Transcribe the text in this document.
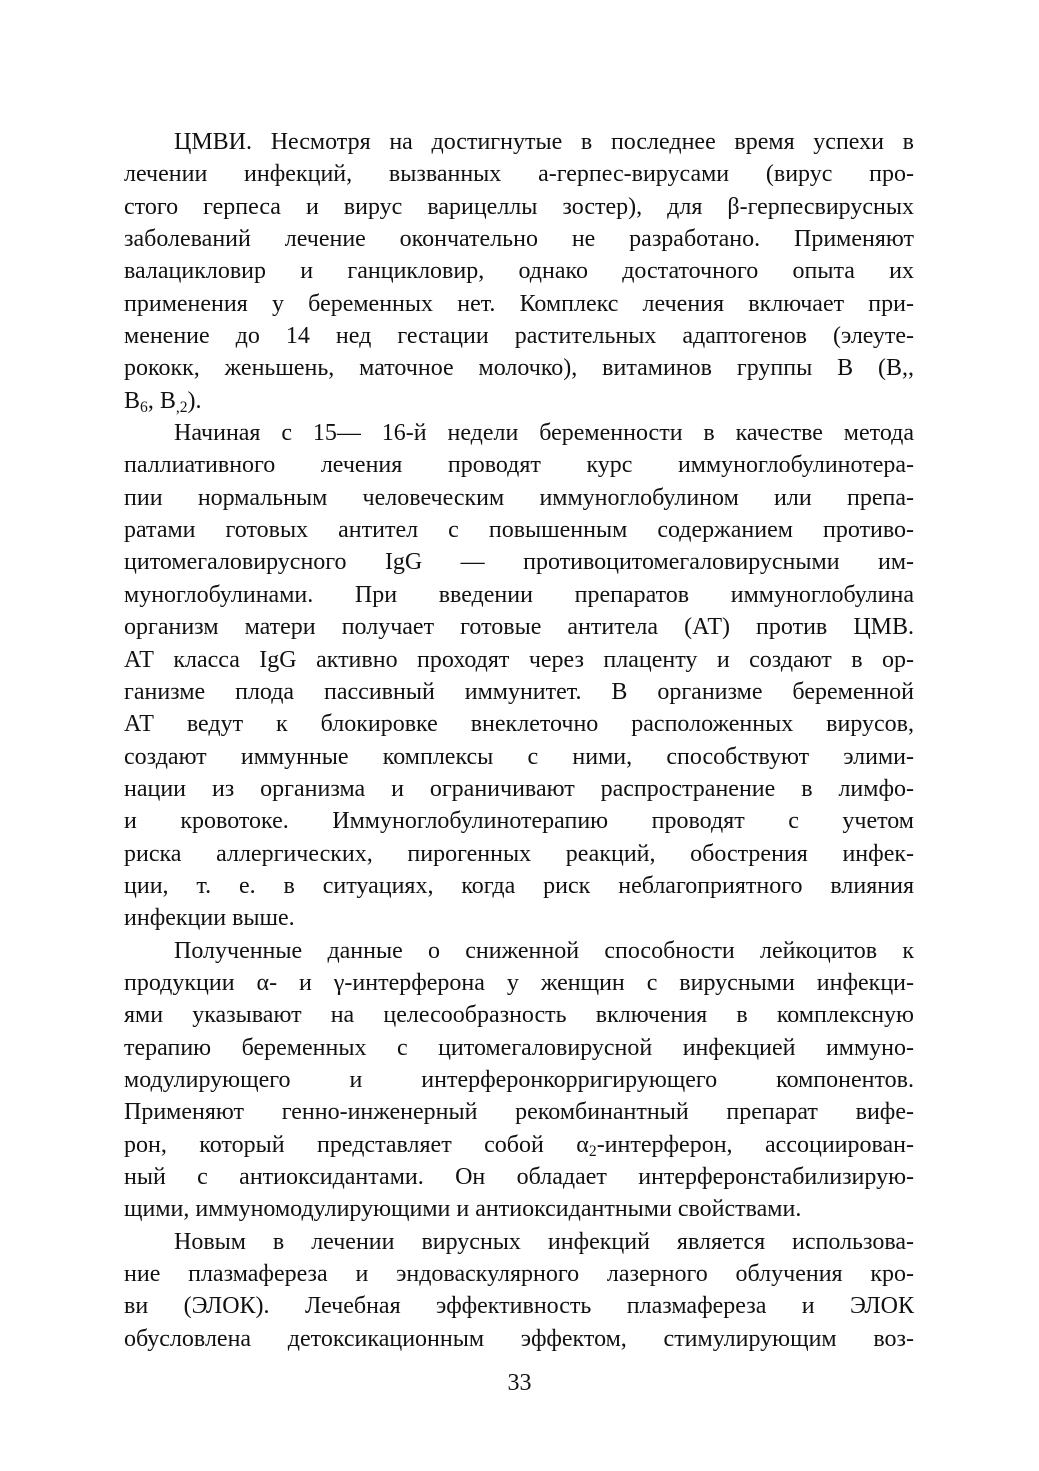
ЦМВИ. Несмотря на достигнутые в последнее время успехи в
лечении инфекций, вызванных а-герпес-вирусами (вирус про-
стого герпеса и вирус варицеллы зостер), для β-герпесвирусных
заболеваний лечение окончательно не разработано. Применяют
валацикловир и ганцикловир, однако достаточного опыта их
применения у беременных нет. Комплекс лечения включает при-
менение до 14 нед гестации растительных адаптогенов (элеуте-
рококк, женьшень, маточное молочко), витаминов группы В (В,,
$В_6$, $В_{,2}$).
Начиная с 15— 16-й недели беременности в качестве метода
паллиативного лечения проводят курс иммуноглобулинотера-
пии нормальным человеческим иммуноглобулином или препа-
ратами готовых антител с повышенным содержанием противо-
цитомегаловирусного IgG — противоцитомегаловирусными им-
муноглобулинами. При введении препаратов иммуноглобулина
организм матери получает готовые антитела (АТ) против ЦМВ.
АТ класса IgG активно проходят через плаценту и создают в ор-
ганизме плода пассивный иммунитет. В организме беременной
АТ ведут к блокировке внеклеточно расположенных вирусов,
создают иммунные комплексы с ними, способствуют элими-
нации из организма и ограничивают распространение в лимфо-
и кровотоке. Иммуноглобулинотерапию проводят с учетом
риска аллергических, пирогенных реакций, обострения инфек-
ции, т. е. в ситуациях, когда риск неблагоприятного влияния
инфекции выше.
Полученные данные о сниженной способности лейкоцитов к
продукции α- и γ-интерферона у женщин с вирусными инфекци-
ями указывают на целесообразность включения в комплексную
терапию беременных с цитомегаловирусной инфекцией иммуно-
модулирующего и интерферонкорригирующего компонентов.
Применяют генно-инженерный рекомбинантный препарат вифе-
рон, который представляет собой $\alpha_2$-интерферон, ассоциирован-
ный с антиоксидантами. Он обладает интерферонстабилизирую-
щими, иммуномодулирующими и антиоксидантными свойствами.
Новым в лечении вирусных инфекций является использова-
ние плазмафереза и эндоваскулярного лазерного облучения кро-
ви (ЭЛОК). Лечебная эффективность плазмафереза и ЭЛОК
обусловлена детоксикационным эффектом, стимулирующим воз-
33
